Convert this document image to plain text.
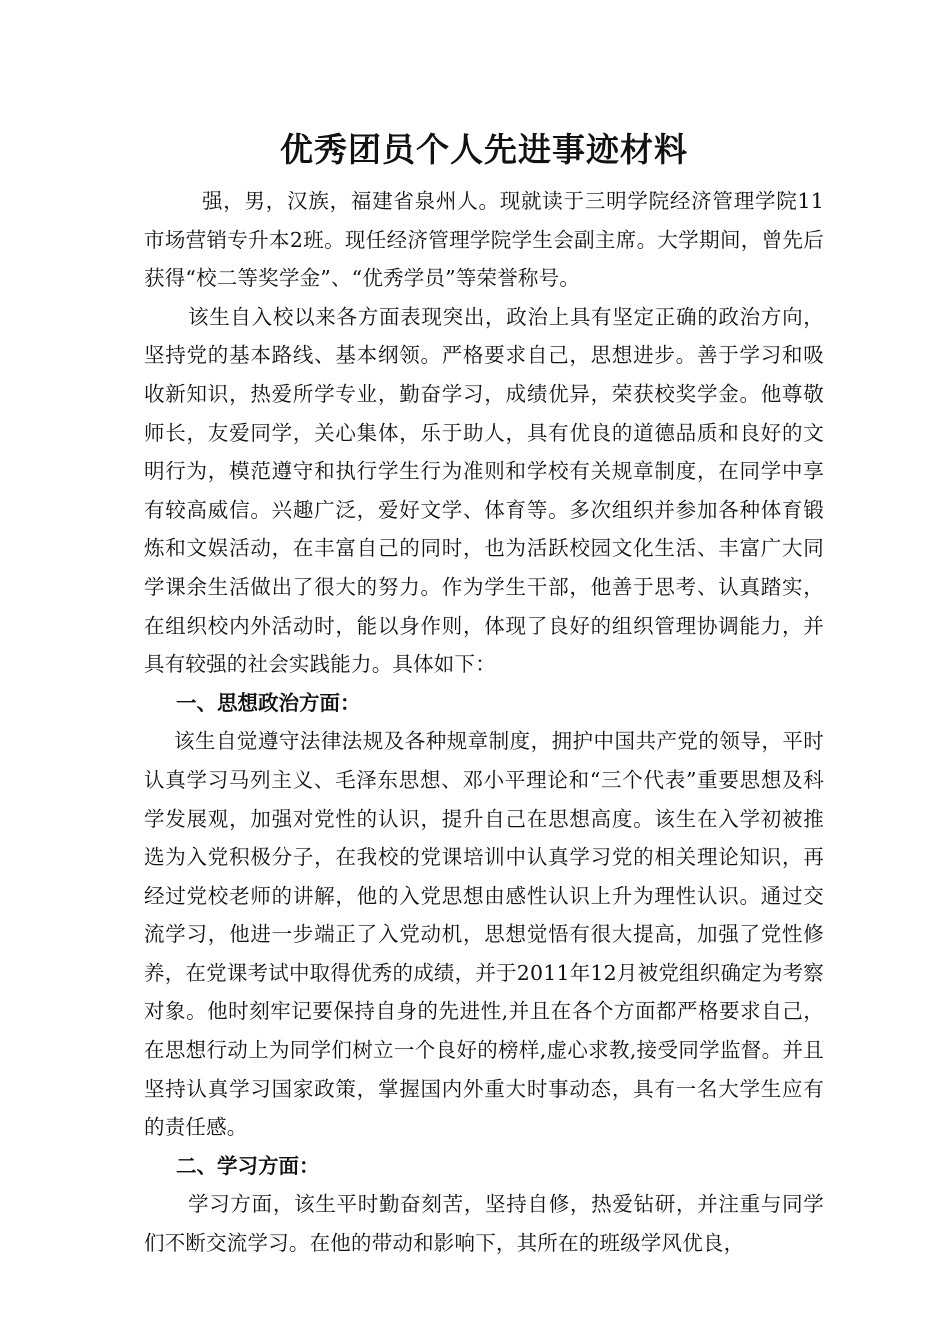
优秀团员个人先进事迹材料

强，男，汉族，福建省泉州人。现就读于三明学院经济管理学院11市场营销专升本2班。现任经济管理学院学生会副主席。大学期间，曾先后获得“校二等奖学金”、“优秀学员”等荣誉称号。

该生自入校以来各方面表现突出，政治上具有坚定正确的政治方向，坚持党的基本路线、基本纲领。严格要求自己，思想进步。善于学习和吸收新知识，热爱所学专业，勤奋学习，成绩优异，荣获校奖学金。他尊敬师长，友爱同学，关心集体，乐于助人，具有优良的道德品质和良好的文明行为，模范遵守和执行学生行为准则和学校有关规章制度，在同学中享有较高威信。兴趣广泛，爱好文学、体育等。多次组织并参加各种体育锻炼和文娱活动，在丰富自己的同时，也为活跃校园文化生活、丰富广大同学课余生活做出了很大的努力。作为学生干部，他善于思考、认真踏实，在组织校内外活动时，能以身作则，体现了良好的组织管理协调能力，并具有较强的社会实践能力。具体如下：

一、思想政治方面：

该生自觉遵守法律法规及各种规章制度，拥护中国共产党的领导，平时认真学习马列主义、毛泽东思想、邓小平理论和“三个代表”重要思想及科学发展观，加强对党性的认识，提升自己在思想高度。该生在入学初被推选为入党积极分子，在我校的党课培训中认真学习党的相关理论知识，再经过党校老师的讲解，他的入党思想由感性认识上升为理性认识。通过交流学习，他进一步端正了入党动机，思想觉悟有很大提高，加强了党性修养，在党课考试中取得优秀的成绩，并于2011年12月被党组织确定为考察对象。他时刻牢记要保持自身的先进性,并且在各个方面都严格要求自己，在思想行动上为同学们树立一个良好的榜样,虚心求教,接受同学监督。并且坚持认真学习国家政策，掌握国内外重大时事动态，具有一名大学生应有的责任感。

二、学习方面：

学习方面，该生平时勤奋刻苦，坚持自修，热爱钻研，并注重与同学们不断交流学习。在他的带动和影响下，其所在的班级学风优良，
